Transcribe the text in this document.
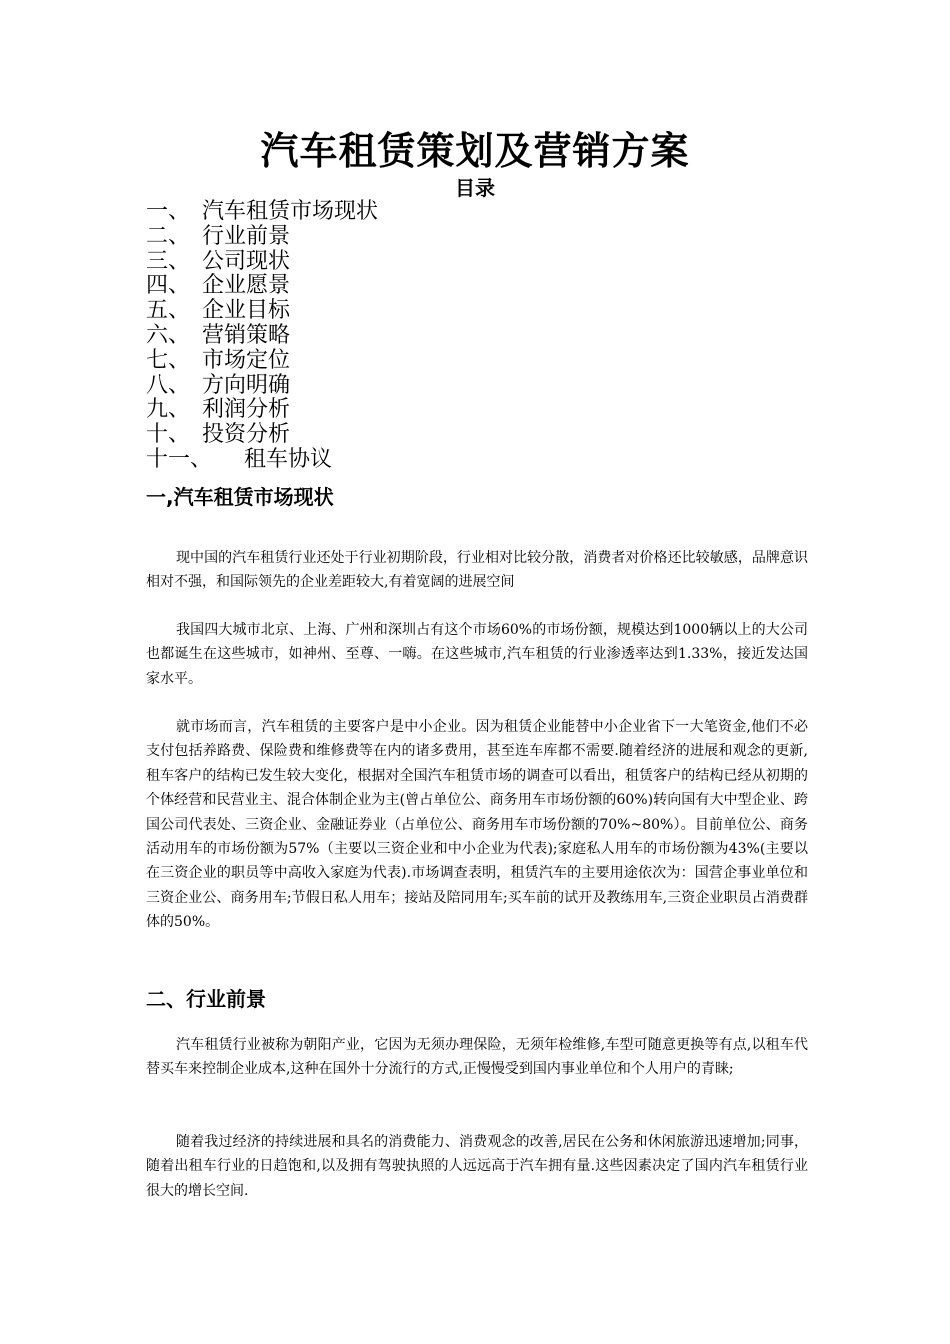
汽车租赁策划及营销方案
目录
一、 汽车租赁市场现状
二、 行业前景
三、 公司现状
四、 企业愿景
五、 企业目标
六、 营销策略
七、 市场定位
八、 方向明确
九、 利润分析
十、 投资分析
十一、 租车协议
一,汽车租赁市场现状

现中国的汽车租赁行业还处于行业初期阶段，行业相对比较分散，消费者对价格还比较敏感，品牌意识相对不强，和国际领先的企业差距较大,有着宽阔的进展空间

我国四大城市北京、上海、广州和深圳占有这个市场60%的市场份额，规模达到1000辆以上的大公司也都诞生在这些城市，如神州、至尊、一嗨。在这些城市,汽车租赁的行业渗透率达到1.33%，接近发达国家水平。

就市场而言，汽车租赁的主要客户是中小企业。因为租赁企业能替中小企业省下一大笔资金,他们不必支付包括养路费、保险费和维修费等在内的诸多费用，甚至连车库都不需要.随着经济的进展和观念的更新,租车客户的结构已发生较大变化，根据对全国汽车租赁市场的调查可以看出，租赁客户的结构已经从初期的个体经营和民营业主、混合体制企业为主(曾占单位公、商务用车市场份额的60%)转向国有大中型企业、跨国公司代表处、三资企业、金融证券业（占单位公、商务用车市场份额的70%~80%）。目前单位公、商务活动用车的市场份额为57%（主要以三资企业和中小企业为代表);家庭私人用车的市场份额为43%(主要以在三资企业的职员等中高收入家庭为代表).市场调查表明，租赁汽车的主要用途依次为：国营企事业单位和三资企业公、商务用车;节假日私人用车；接站及陪同用车;买车前的试开及教练用车,三资企业职员占消费群体的50%。

二、行业前景

汽车租赁行业被称为朝阳产业，它因为无须办理保险，无须年检维修,车型可随意更换等有点,以租车代替买车来控制企业成本,这种在国外十分流行的方式,正慢慢受到国内事业单位和个人用户的青睐;

随着我过经济的持续进展和具名的消费能力、消费观念的改善,居民在公务和休闲旅游迅速增加;同事，随着出租车行业的日趋饱和,以及拥有驾驶执照的人远远高于汽车拥有量.这些因素决定了国内汽车租赁行业很大的增长空间.
